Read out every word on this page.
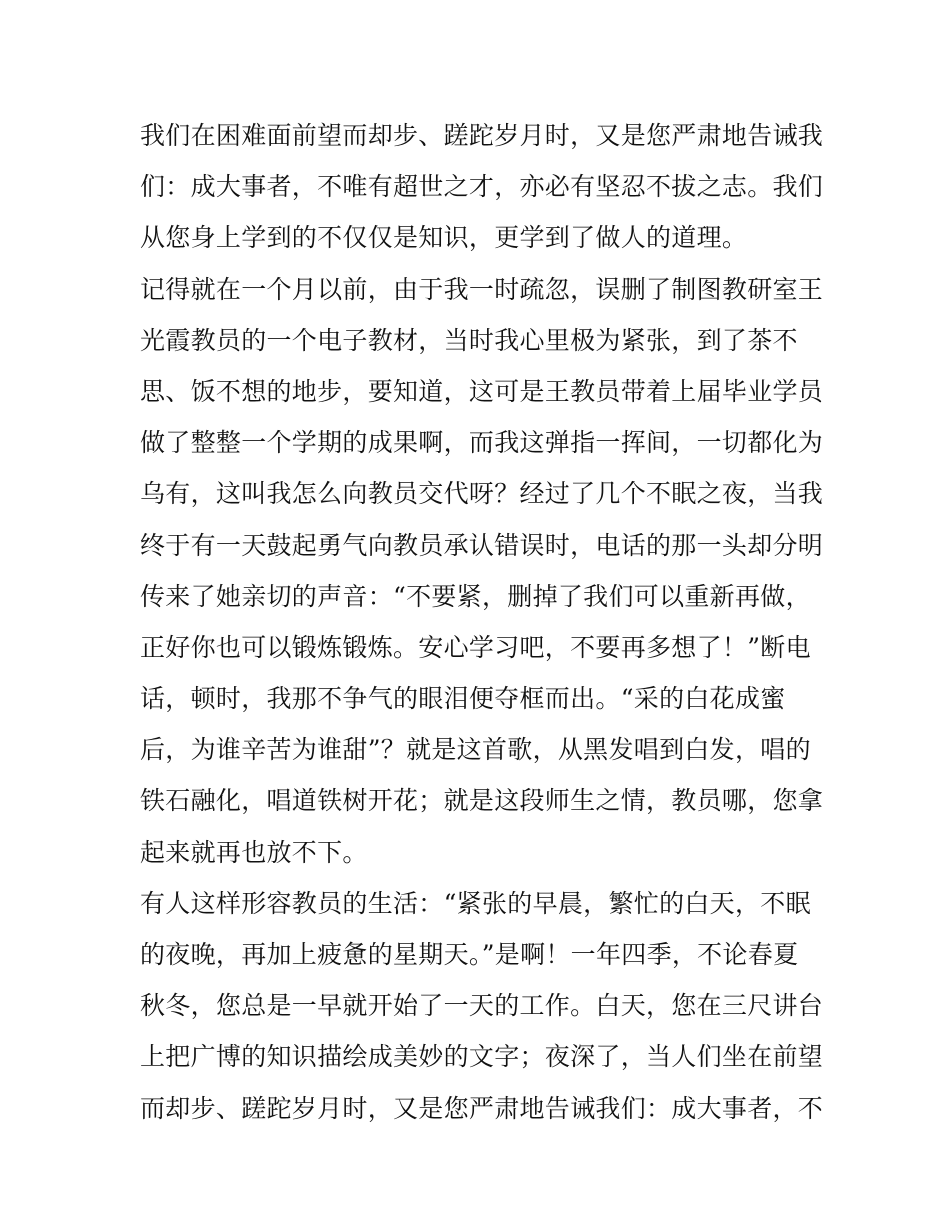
我们在困难面前望而却步、蹉跎岁月时，又是您严肃地告诫我
们：成大事者，不唯有超世之才，亦必有坚忍不拔之志。我们
从您身上学到的不仅仅是知识，更学到了做人的道理。
记得就在一个月以前，由于我一时疏忽，误删了制图教研室王
光霞教员的一个电子教材，当时我心里极为紧张，到了茶不
思、饭不想的地步，要知道，这可是王教员带着上届毕业学员
做了整整一个学期的成果啊，而我这弹指一挥间，一切都化为
乌有，这叫我怎么向教员交代呀？经过了几个不眠之夜，当我
终于有一天鼓起勇气向教员承认错误时，电话的那一头却分明
传来了她亲切的声音：“不要紧，删掉了我们可以重新再做，
正好你也可以锻炼锻炼。安心学习吧，不要再多想了！”断电
话，顿时，我那不争气的眼泪便夺框而出。“采的白花成蜜
后，为谁辛苦为谁甜”？就是这首歌，从黑发唱到白发，唱的
铁石融化，唱道铁树开花；就是这段师生之情，教员哪，您拿
起来就再也放不下。
有人这样形容教员的生活：“紧张的早晨，繁忙的白天，不眠
的夜晚，再加上疲惫的星期天。”是啊！一年四季，不论春夏
秋冬，您总是一早就开始了一天的工作。白天，您在三尺讲台
上把广博的知识描绘成美妙的文字；夜深了，当人们坐在前望
而却步、蹉跎岁月时，又是您严肃地告诫我们：成大事者，不
